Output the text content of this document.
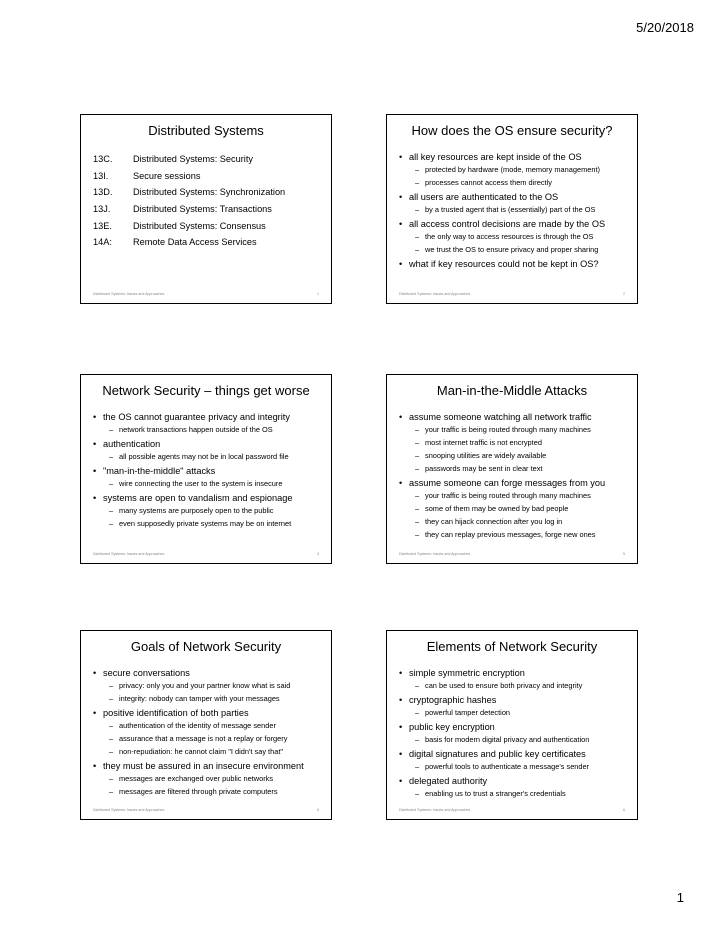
5/20/2018
Distributed Systems
13C. Distributed Systems: Security
13I.	Secure sessions
13D. Distributed Systems: Synchronization
13J. Distributed Systems: Transactions
13E. Distributed Systems: Consensus
14A: Remote Data Access Services
Distributed Systems: Issues and Approaches	1
How does the OS ensure security?
• all key resources are kept inside of the OS
– protected by hardware (mode, memory management)
– processes cannot access them directly
• all users are authenticated to the OS
– by a trusted agent that is (essentially) part of the OS
• all access control decisions are made by the OS
– the only way to access resources is through the OS
– we trust the OS to ensure privacy and proper sharing
• what if key resources could not be kept in OS?
Distributed Systems: Issues and Approaches	2
Network Security – things get worse
• the OS cannot guarantee privacy and integrity
– network transactions happen outside of the OS
• authentication
– all possible agents may not be in local password file
• "man-in-the-middle" attacks
– wire connecting the user to the system is insecure
• systems are open to vandalism and espionage
– many systems are purposely open to the public
– even supposedly private systems may be on internet
Distributed Systems: Issues and Approaches	4
Man-in-the-Middle Attacks
• assume someone watching all network traffic
– your traffic is being routed through many machines
– most internet traffic is not encrypted
– snooping utilities are widely available
– passwords may be sent in clear text
• assume someone can forge messages from you
– your traffic is being routed through many machines
– some of them may be owned by bad people
– they can hijack connection after you log in
– they can replay previous messages, forge new ones
Distributed Systems: Issues and Approaches	5
Goals of Network Security
• secure conversations
– privacy: only you and your partner know what is said
– integrity: nobody can tamper with your messages
• positive identification of both parties
– authentication of the identity of message sender
– assurance that a message is not a replay or forgery
– non-repudiation: he cannot claim "I didn't say that"
• they must be assured in an insecure environment
– messages are exchanged over public networks
– messages are filtered through private computers
Distributed Systems: Issues and Approaches	6
Elements of Network Security
• simple symmetric encryption
– can be used to ensure both privacy and integrity
• cryptographic hashes
– powerful tamper detection
• public key encryption
– basis for modern digital privacy and authentication
• digital signatures and public key certificates
– powerful tools to authenticate a message's sender
• delegated authority
– enabling us to trust a stranger's credentials
Distributed Systems: Issues and Approaches	6
1
